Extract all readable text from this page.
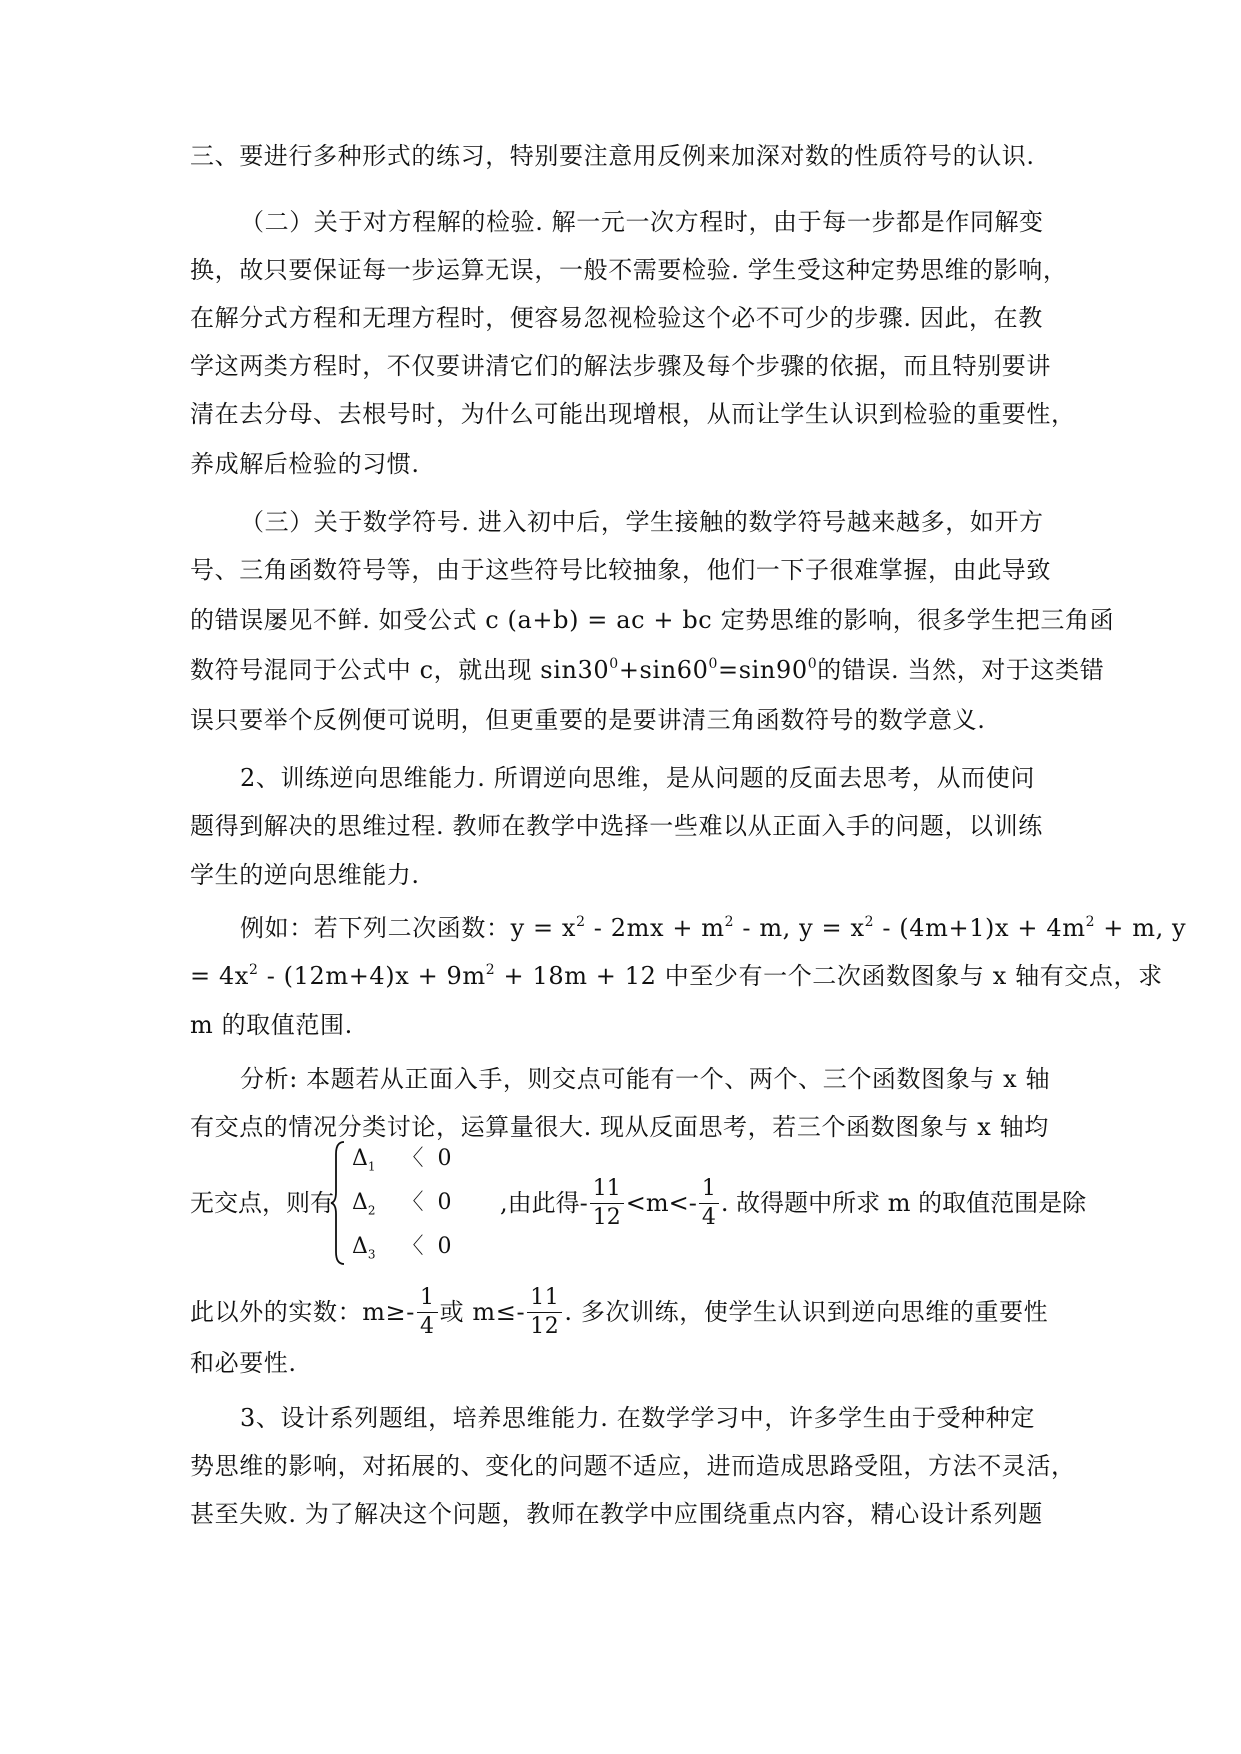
三、要进行多种形式的练习，特别要注意用反例来加深对数的性质符号的认识.
（二）关于对方程解的检验. 解一元一次方程时，由于每一步都是作同解变
换，故只要保证每一步运算无误，一般不需要检验. 学生受这种定势思维的影响，
在解分式方程和无理方程时，便容易忽视检验这个必不可少的步骤. 因此，在教
学这两类方程时，不仅要讲清它们的解法步骤及每个步骤的依据，而且特别要讲
清在去分母、去根号时，为什么可能出现增根，从而让学生认识到检验的重要性，
养成解后检验的习惯.
（三）关于数学符号. 进入初中后，学生接触的数学符号越来越多，如开方
号、三角函数符号等，由于这些符号比较抽象，他们一下子很难掌握，由此导致
的错误屡见不鲜. 如受公式 c (a+b) = ac + bc 定势思维的影响，很多学生把三角函
数符号混同于公式中 c，就出现 $\sin 30^0+\sin 60^0=\sin 90^0$的错误. 当然，对于这类错
误只要举个反例便可说明，但更重要的是要讲清三角函数符号的数学意义.
2、训练逆向思维能力. 所谓逆向思维，是从问题的反面去思考，从而使问
题得到解决的思维过程. 教师在教学中选择一些难以从正面入手的问题，以训练
学生的逆向思维能力.
例如：若下列二次函数：$y = x^2 - 2mx + m^2 - m$, $y = x^2 - (4m+1)x + 4m^2 + m$, y
= $4x^2 - (12m+4)x + 9m^2 + 18m + 12$ 中至少有一个二次函数图象与 x 轴有交点，求
m 的取值范围.
分析: 本题若从正面入手，则交点可能有一个、两个、三个函数图象与 x 轴
有交点的情况分类讨论，运算量很大. 现从反面思考，若三个函数图象与 x 轴均
无交点，则有
$\Delta_1$ 〈 0
$\Delta_2$ 〈 0
$\Delta_3$ 〈 0
,由此得- $\frac{11}{12} <m<- \frac{1}{4}$ . 故得题中所求 m 的取值范围是除
此以外的实数：$m\ge- \frac{1}{4}$ 或 $m\le- \frac{11}{12}$ . 多次训练，使学生认识到逆向思维的重要性
和必要性.
3、设计系列题组，培养思维能力. 在数学学习中，许多学生由于受种种定
势思维的影响，对拓展的、变化的问题不适应，进而造成思路受阻，方法不灵活，
甚至失败. 为了解决这个问题，教师在教学中应围绕重点内容，精心设计系列题
